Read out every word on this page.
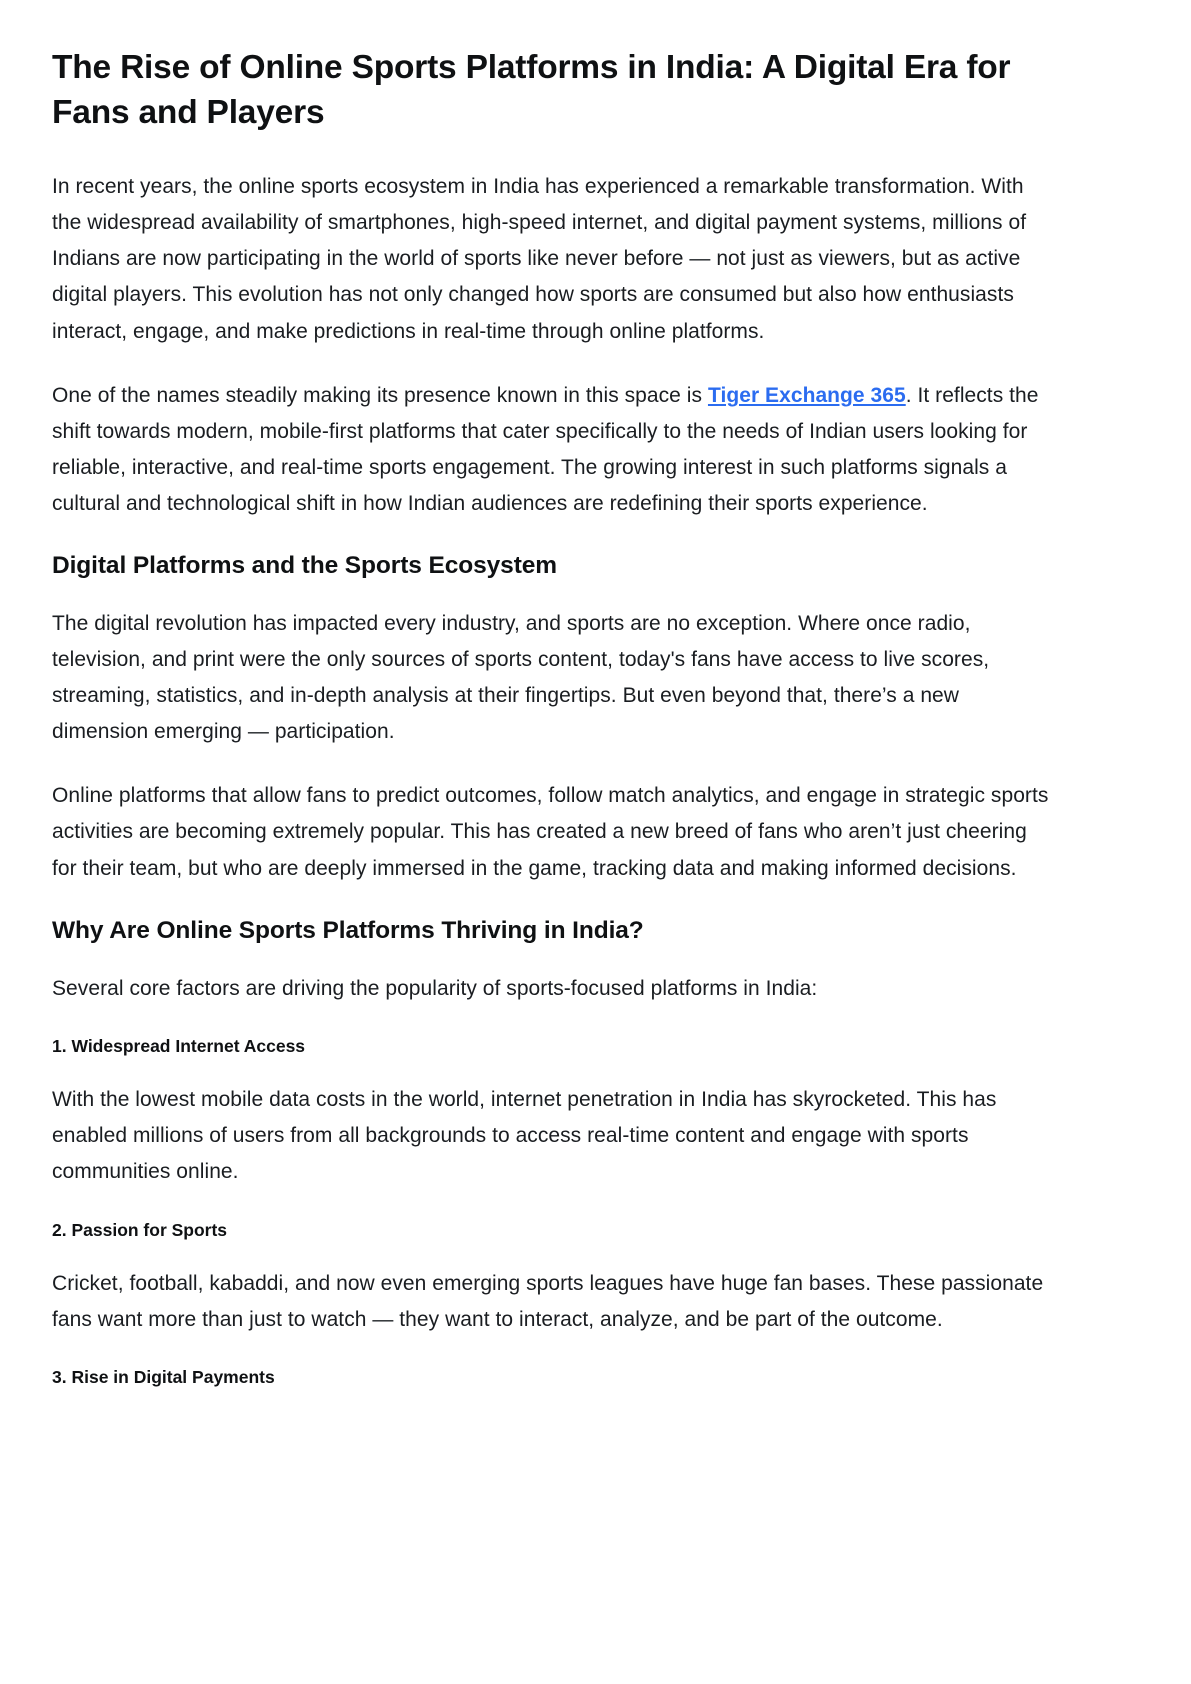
The Rise of Online Sports Platforms in India: A Digital Era for Fans and Players

In recent years, the online sports ecosystem in India has experienced a remarkable transformation. With the widespread availability of smartphones, high-speed internet, and digital payment systems, millions of Indians are now participating in the world of sports like never before — not just as viewers, but as active digital players. This evolution has not only changed how sports are consumed but also how enthusiasts interact, engage, and make predictions in real-time through online platforms.

One of the names steadily making its presence known in this space is Tiger Exchange 365. It reflects the shift towards modern, mobile-first platforms that cater specifically to the needs of Indian users looking for reliable, interactive, and real-time sports engagement. The growing interest in such platforms signals a cultural and technological shift in how Indian audiences are redefining their sports experience.

Digital Platforms and the Sports Ecosystem

The digital revolution has impacted every industry, and sports are no exception. Where once radio, television, and print were the only sources of sports content, today's fans have access to live scores, streaming, statistics, and in-depth analysis at their fingertips. But even beyond that, there’s a new dimension emerging — participation.

Online platforms that allow fans to predict outcomes, follow match analytics, and engage in strategic sports activities are becoming extremely popular. This has created a new breed of fans who aren’t just cheering for their team, but who are deeply immersed in the game, tracking data and making informed decisions.

Why Are Online Sports Platforms Thriving in India?

Several core factors are driving the popularity of sports-focused platforms in India:

1. Widespread Internet Access

With the lowest mobile data costs in the world, internet penetration in India has skyrocketed. This has enabled millions of users from all backgrounds to access real-time content and engage with sports communities online.

2. Passion for Sports

Cricket, football, kabaddi, and now even emerging sports leagues have huge fan bases. These passionate fans want more than just to watch — they want to interact, analyze, and be part of the outcome.

3. Rise in Digital Payments
